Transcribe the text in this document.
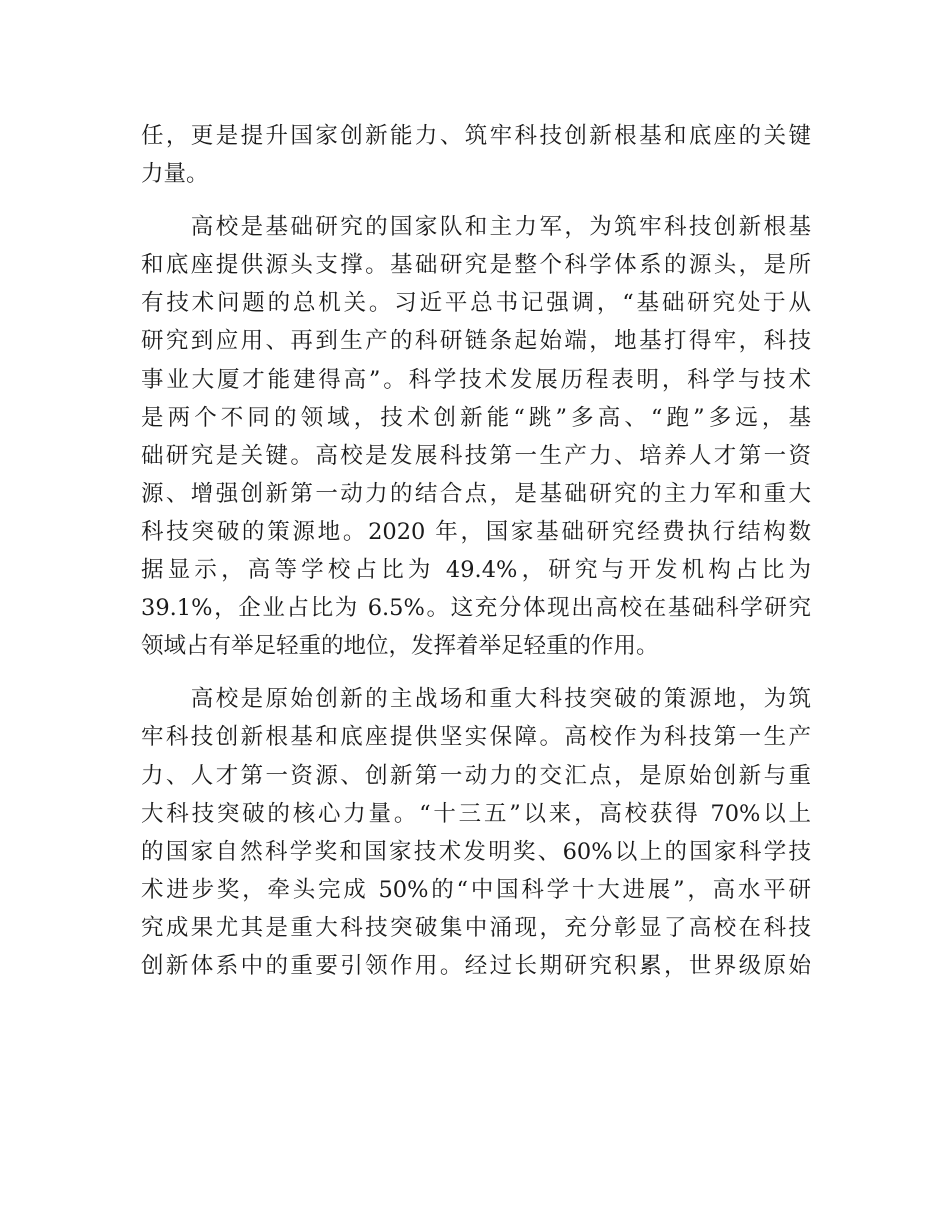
任，更是提升国家创新能力、筑牢科技创新根基和底座的关键
力量。
　　高校是基础研究的国家队和主力军，为筑牢科技创新根基
和底座提供源头支撑。基础研究是整个科学体系的源头，是所
有技术问题的总机关。习近平总书记强调，“基础研究处于从
研究到应用、再到生产的科研链条起始端，地基打得牢，科技
事业大厦才能建得高”。科学技术发展历程表明，科学与技术
是两个不同的领域，技术创新能“跳”多高、“跑”多远，基
础研究是关键。高校是发展科技第一生产力、培养人才第一资
源、增强创新第一动力的结合点，是基础研究的主力军和重大
科技突破的策源地。2020 年，国家基础研究经费执行结构数
据显示，高等学校占比为 49.4%，研究与开发机构占比为
39.1%，企业占比为 6.5%。这充分体现出高校在基础科学研究
领域占有举足轻重的地位，发挥着举足轻重的作用。
　　高校是原始创新的主战场和重大科技突破的策源地，为筑
牢科技创新根基和底座提供坚实保障。高校作为科技第一生产
力、人才第一资源、创新第一动力的交汇点，是原始创新与重
大科技突破的核心力量。“十三五”以来，高校获得 70%以上
的国家自然科学奖和国家技术发明奖、60%以上的国家科学技
术进步奖，牵头完成 50%的“中国科学十大进展”，高水平研
究成果尤其是重大科技突破集中涌现，充分彰显了高校在科技
创新体系中的重要引领作用。经过长期研究积累，世界级原始
